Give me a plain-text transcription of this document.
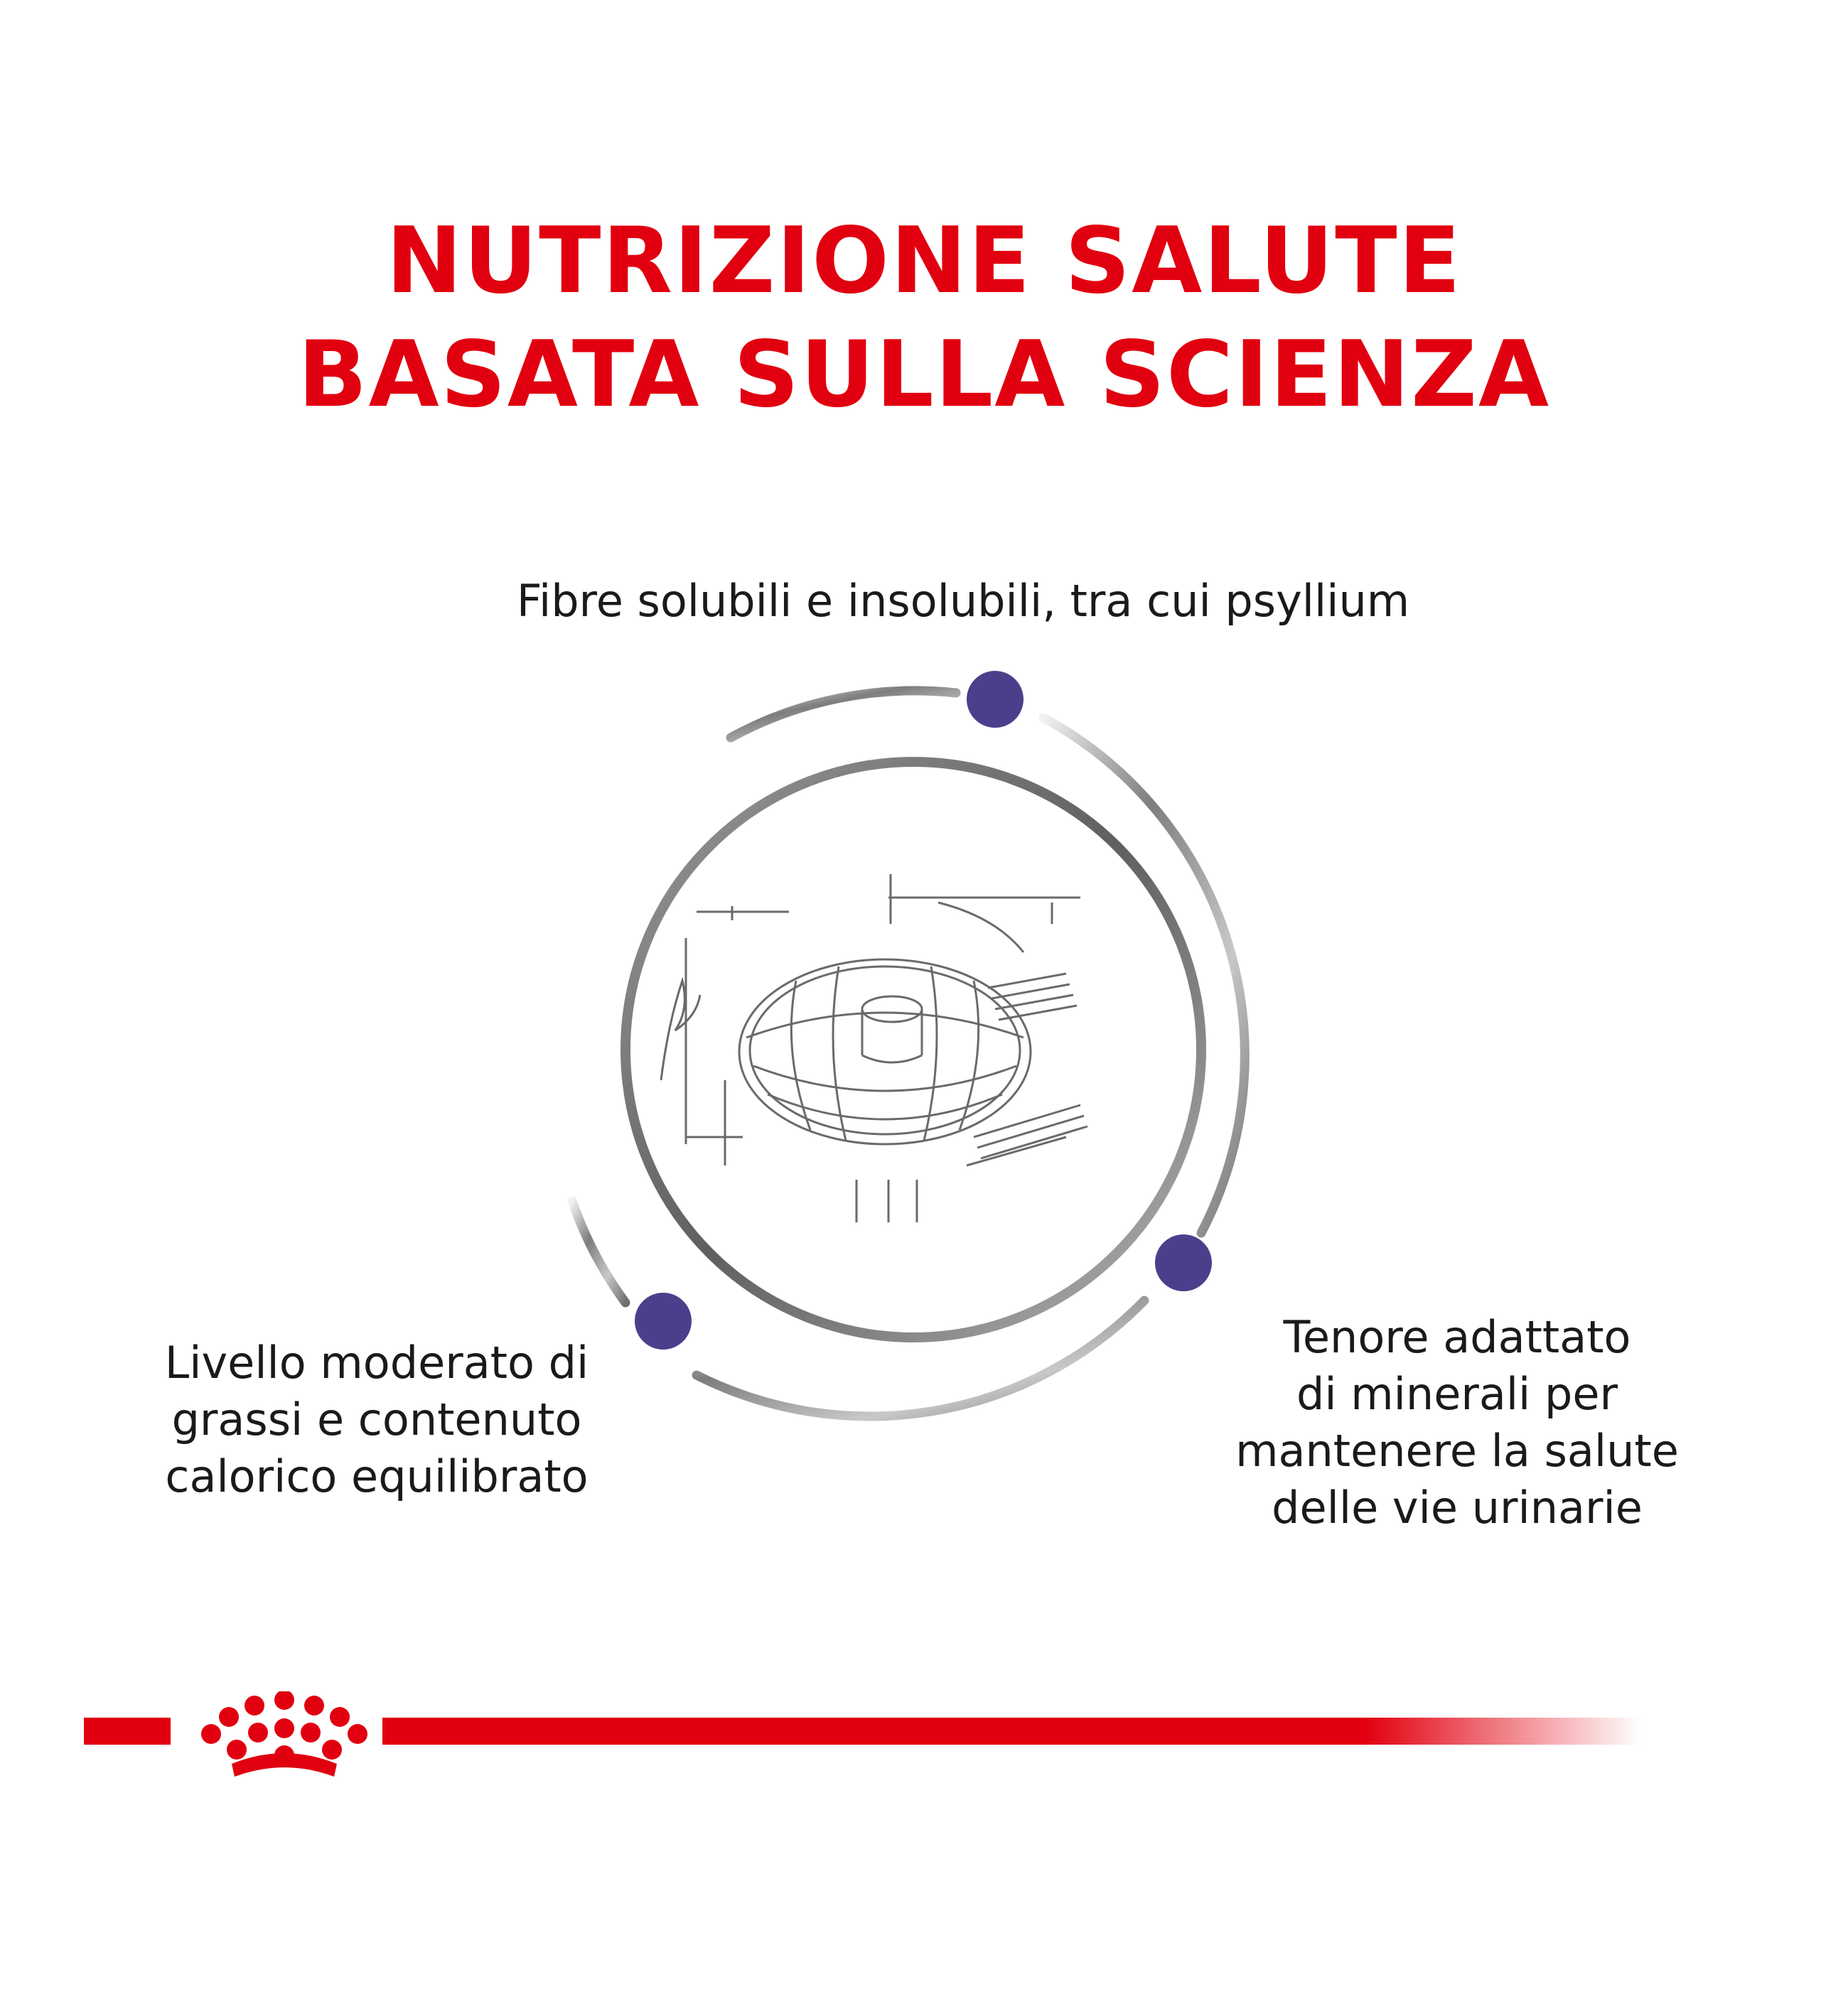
NUTRIZIONE SALUTE
BASATA SULLA SCIENZA
Fibre solubili e insolubili, tra cui psyllium
Livello moderato di
grassi e contenuto
calorico equilibrato
Tenore adattato
di minerali per
mantenere la salute
delle vie urinarie
